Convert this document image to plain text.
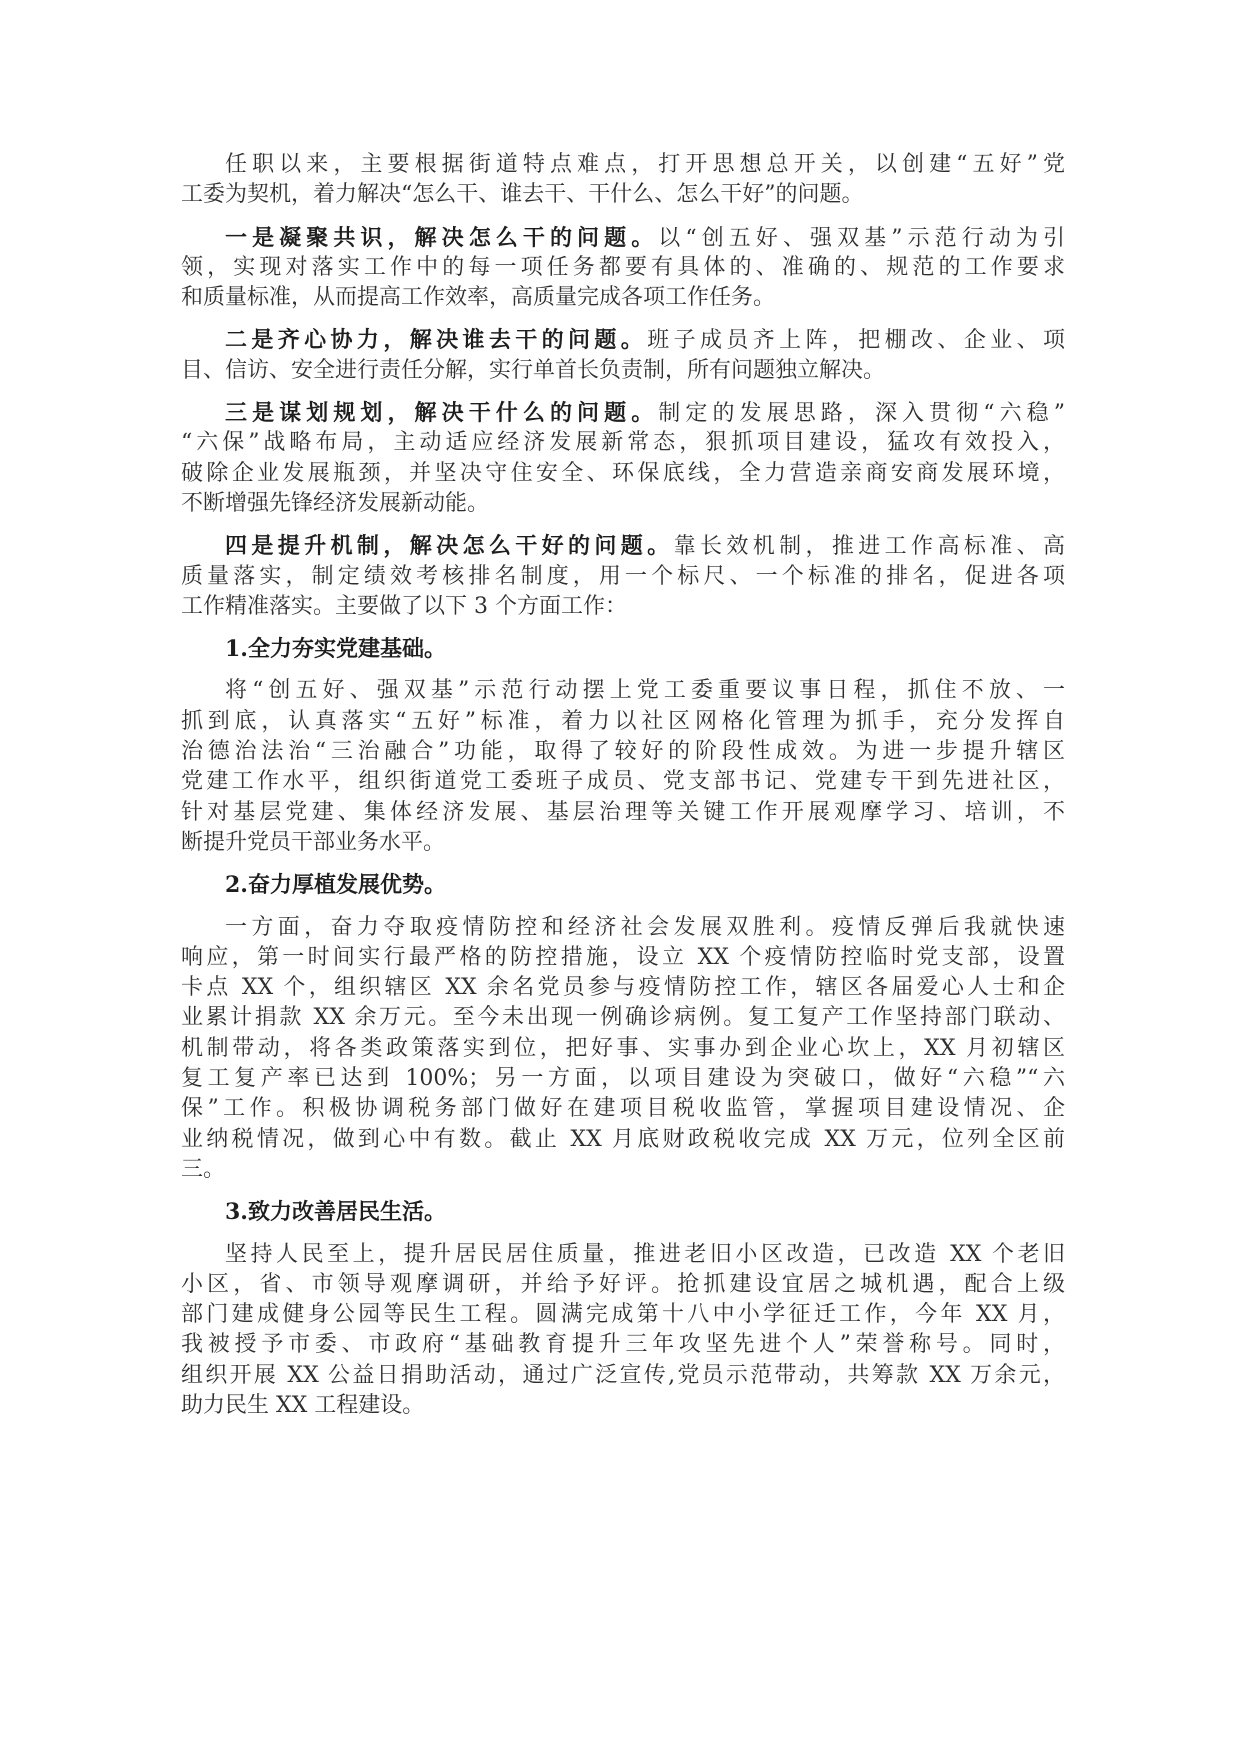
任职以来，主要根据街道特点难点，打开思想总开关，以创建“五好”党
工委为契机，着力解决“怎么干、谁去干、干什么、怎么干好”的问题。
一是凝聚共识，解决怎么干的问题。以“创五好、强双基”示范行动为引
领，实现对落实工作中的每一项任务都要有具体的、准确的、规范的工作要求
和质量标准，从而提高工作效率，高质量完成各项工作任务。
二是齐心协力，解决谁去干的问题。班子成员齐上阵，把棚改、企业、项
目、信访、安全进行责任分解，实行单首长负责制，所有问题独立解决。
三是谋划规划，解决干什么的问题。制定的发展思路，深入贯彻“六稳”
“六保”战略布局，主动适应经济发展新常态，狠抓项目建设，猛攻有效投入，
破除企业发展瓶颈，并坚决守住安全、环保底线，全力营造亲商安商发展环境，
不断增强先锋经济发展新动能。
四是提升机制，解决怎么干好的问题。靠长效机制，推进工作高标准、高
质量落实，制定绩效考核排名制度，用一个标尺、一个标准的排名，促进各项
工作精准落实。主要做了以下 3 个方面工作：
1.全力夯实党建基础。
将“创五好、强双基”示范行动摆上党工委重要议事日程，抓住不放、一
抓到底，认真落实“五好”标准，着力以社区网格化管理为抓手，充分发挥自
治德治法治“三治融合”功能，取得了较好的阶段性成效。为进一步提升辖区
党建工作水平，组织街道党工委班子成员、党支部书记、党建专干到先进社区，
针对基层党建、集体经济发展、基层治理等关键工作开展观摩学习、培训，不
断提升党员干部业务水平。
2.奋力厚植发展优势。
一方面，奋力夺取疫情防控和经济社会发展双胜利。疫情反弹后我就快速
响应，第一时间实行最严格的防控措施，设立 XX 个疫情防控临时党支部，设置
卡点 XX 个，组织辖区 XX 余名党员参与疫情防控工作，辖区各届爱心人士和企
业累计捐款 XX 余万元。至今未出现一例确诊病例。复工复产工作坚持部门联动、
机制带动，将各类政策落实到位，把好事、实事办到企业心坎上，XX 月初辖区
复工复产率已达到 100%；另一方面，以项目建设为突破口，做好“六稳”“六
保”工作。积极协调税务部门做好在建项目税收监管，掌握项目建设情况、企
业纳税情况，做到心中有数。截止 XX 月底财政税收完成 XX 万元，位列全区前
三。
3.致力改善居民生活。
坚持人民至上，提升居民居住质量，推进老旧小区改造，已改造 XX 个老旧
小区，省、市领导观摩调研，并给予好评。抢抓建设宜居之城机遇，配合上级
部门建成健身公园等民生工程。圆满完成第十八中小学征迁工作，今年 XX 月，
我被授予市委、市政府“基础教育提升三年攻坚先进个人”荣誉称号。同时，
组织开展 XX 公益日捐助活动，通过广泛宣传,党员示范带动，共筹款 XX 万余元，
助力民生 XX 工程建设。
